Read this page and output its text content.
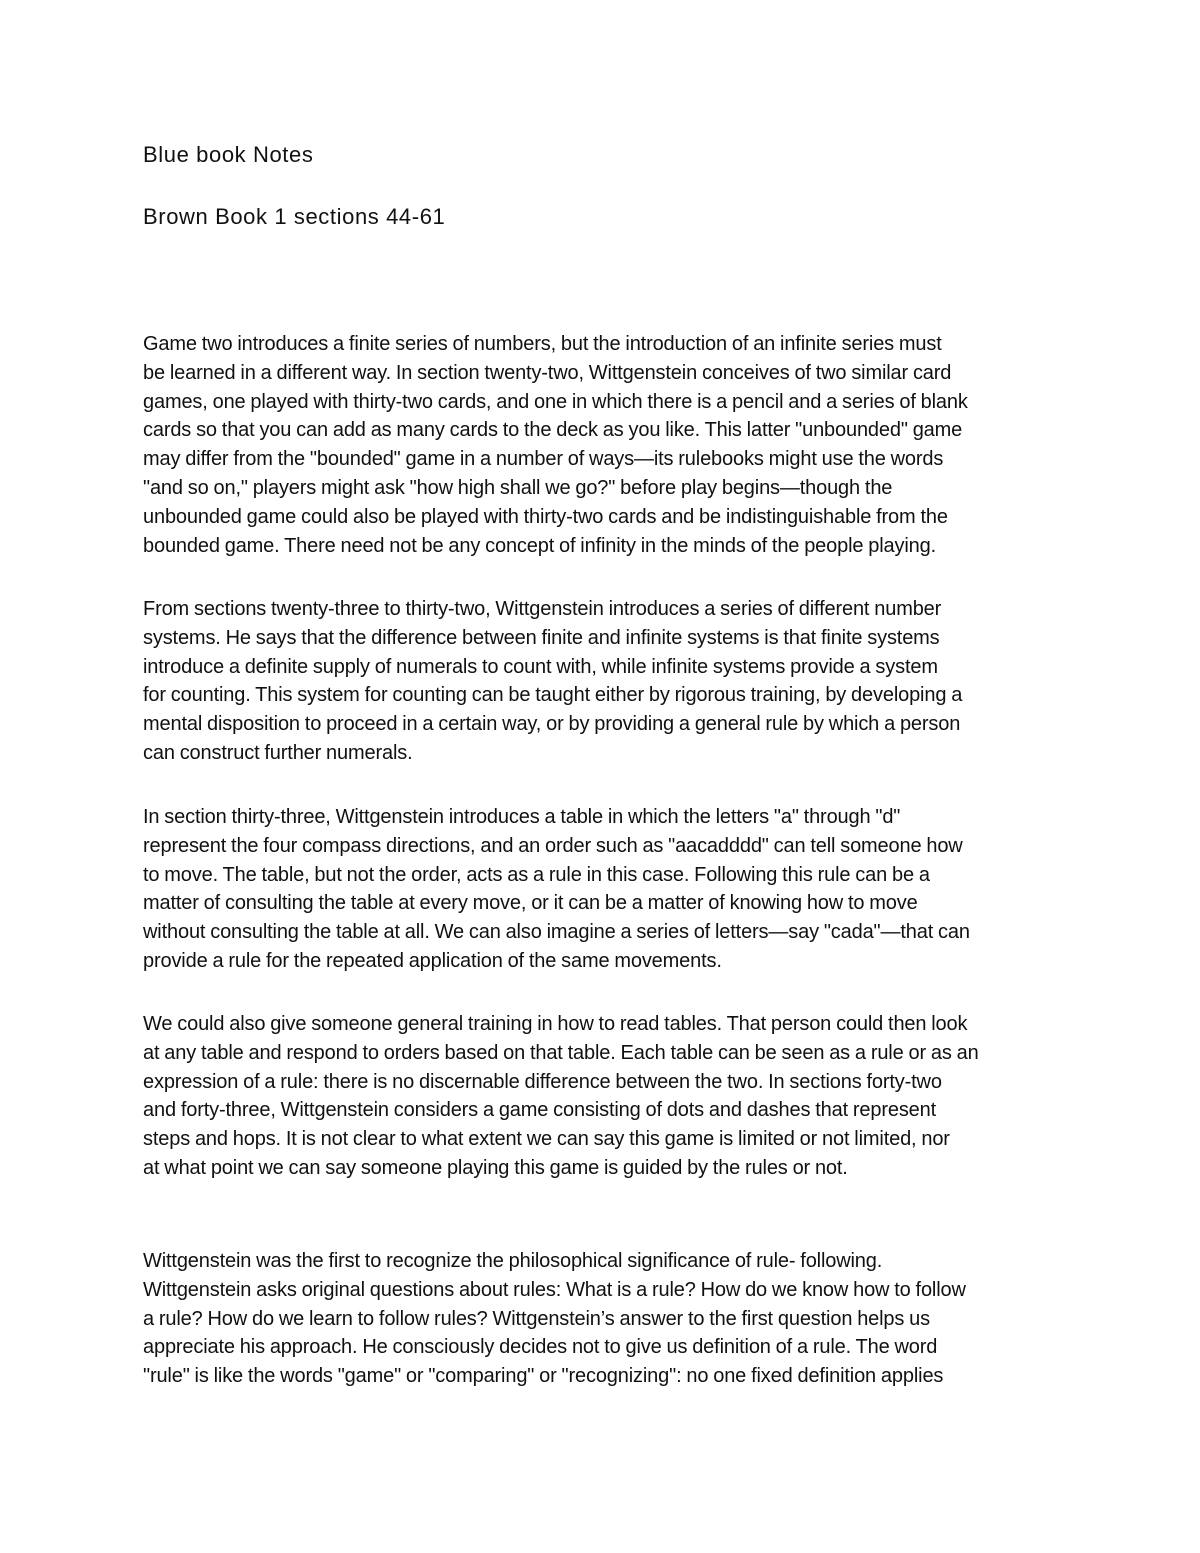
Blue book Notes
Brown Book 1 sections 44-61

Game two introduces a finite series of numbers, but the introduction of an infinite series must
be learned in a different way. In section twenty-two, Wittgenstein conceives of two similar card
games, one played with thirty-two cards, and one in which there is a pencil and a series of blank
cards so that you can add as many cards to the deck as you like. This latter "unbounded" game
may differ from the "bounded" game in a number of ways—its rulebooks might use the words
"and so on," players might ask "how high shall we go?" before play begins—though the
unbounded game could also be played with thirty-two cards and be indistinguishable from the
bounded game. There need not be any concept of infinity in the minds of the people playing.

From sections twenty-three to thirty-two, Wittgenstein introduces a series of different number
systems. He says that the difference between finite and infinite systems is that finite systems
introduce a definite supply of numerals to count with, while infinite systems provide a system
for counting. This system for counting can be taught either by rigorous training, by developing a
mental disposition to proceed in a certain way, or by providing a general rule by which a person
can construct further numerals.

In section thirty-three, Wittgenstein introduces a table in which the letters "a" through "d"
represent the four compass directions, and an order such as "aacadddd" can tell someone how
to move. The table, but not the order, acts as a rule in this case. Following this rule can be a
matter of consulting the table at every move, or it can be a matter of knowing how to move
without consulting the table at all. We can also imagine a series of letters—say "cada"—that can
provide a rule for the repeated application of the same movements.

We could also give someone general training in how to read tables. That person could then look
at any table and respond to orders based on that table. Each table can be seen as a rule or as an
expression of a rule: there is no discernable difference between the two. In sections forty-two
and forty-three, Wittgenstein considers a game consisting of dots and dashes that represent
steps and hops. It is not clear to what extent we can say this game is limited or not limited, nor
at what point we can say someone playing this game is guided by the rules or not.

Wittgenstein was the first to recognize the philosophical significance of rule- following.
Wittgenstein asks original questions about rules: What is a rule? How do we know how to follow
a rule? How do we learn to follow rules? Wittgenstein’s answer to the first question helps us
appreciate his approach. He consciously decides not to give us definition of a rule. The word
"rule" is like the words "game" or "comparing" or "recognizing": no one fixed definition applies
